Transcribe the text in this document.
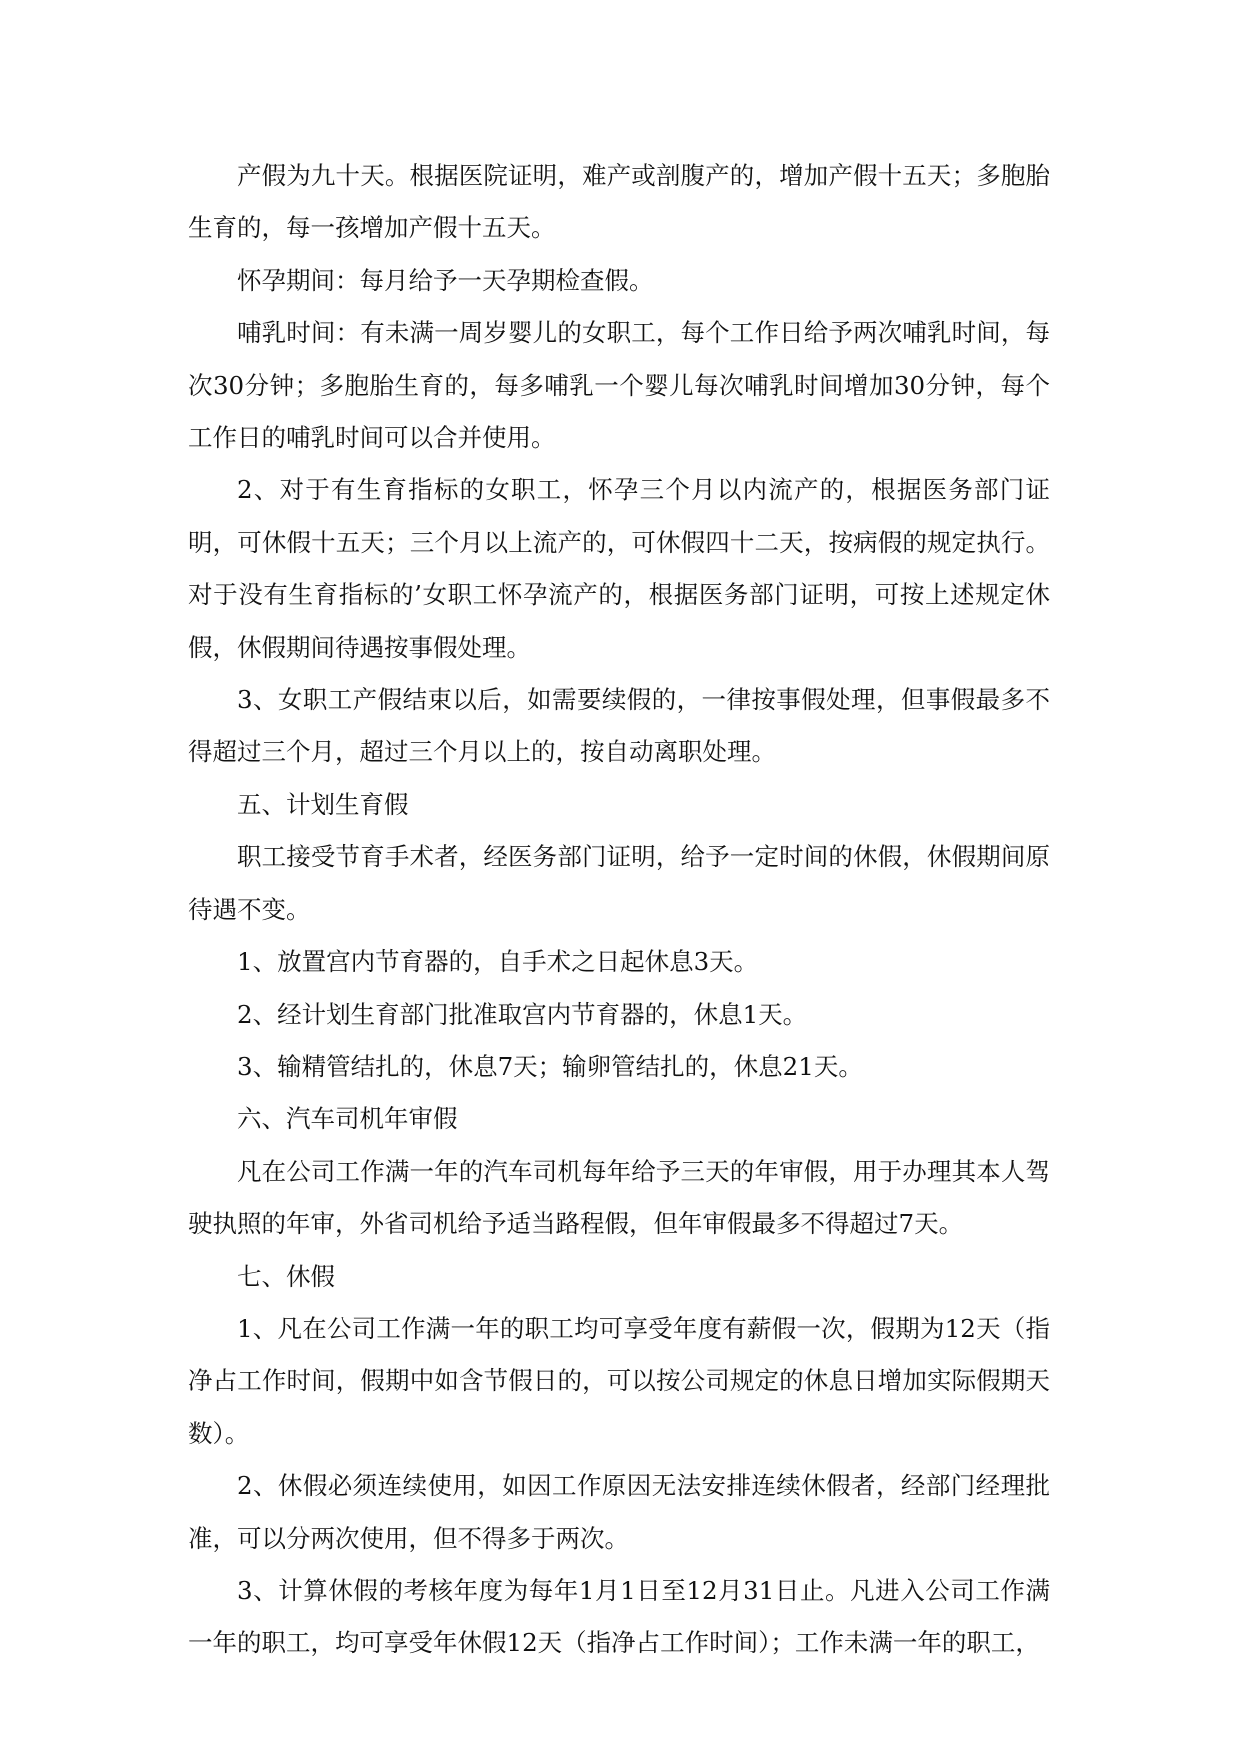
产假为九十天。根据医院证明，难产或剖腹产的，增加产假十五天；多胞胎生育的，每一孩增加产假十五天。

怀孕期间：每月给予一天孕期检查假。

哺乳时间：有未满一周岁婴儿的女职工，每个工作日给予两次哺乳时间，每次30分钟；多胞胎生育的，每多哺乳一个婴儿每次哺乳时间增加30分钟，每个工作日的哺乳时间可以合并使用。

2、对于有生育指标的女职工，怀孕三个月以内流产的，根据医务部门证明，可休假十五天；三个月以上流产的，可休假四十二天，按病假的规定执行。对于没有生育指标的’女职工怀孕流产的，根据医务部门证明，可按上述规定休假，休假期间待遇按事假处理。

3、女职工产假结束以后，如需要续假的，一律按事假处理，但事假最多不得超过三个月，超过三个月以上的，按自动离职处理。

五、计划生育假

职工接受节育手术者，经医务部门证明，给予一定时间的休假，休假期间原待遇不变。

1、放置宫内节育器的，自手术之日起休息3天。

2、经计划生育部门批准取宫内节育器的，休息1天。

3、输精管结扎的，休息7天；输卵管结扎的，休息21天。

六、汽车司机年审假

凡在公司工作满一年的汽车司机每年给予三天的年审假，用于办理其本人驾驶执照的年审，外省司机给予适当路程假，但年审假最多不得超过7天。

七、休假

1、凡在公司工作满一年的职工均可享受年度有薪假一次，假期为12天（指净占工作时间，假期中如含节假日的，可以按公司规定的休息日增加实际假期天数）。

2、休假必须连续使用，如因工作原因无法安排连续休假者，经部门经理批准，可以分两次使用，但不得多于两次。

3、计算休假的考核年度为每年1月1日至12月31日止。凡进入公司工作满一年的职工，均可享受年休假12天（指净占工作时间）；工作未满一年的职工，
